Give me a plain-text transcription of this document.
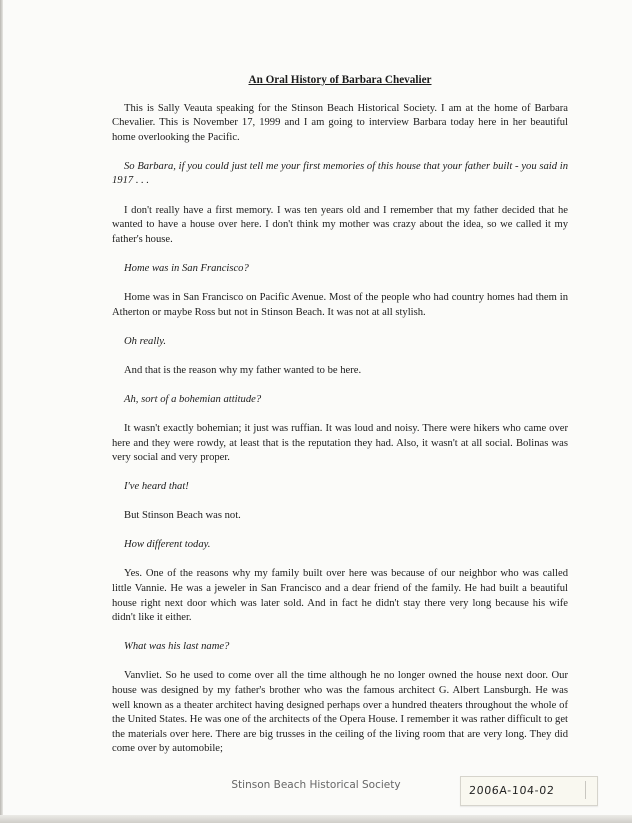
An Oral History of Barbara Chevalier

This is Sally Veauta speaking for the Stinson Beach Historical Society. I am at the home of Barbara Chevalier. This is November 17, 1999 and I am going to interview Barbara today here in her beautiful home overlooking the Pacific.

So Barbara, if you could just tell me your first memories of this house that your father built - you said in 1917 . . .

I don't really have a first memory. I was ten years old and I remember that my father decided that he wanted to have a house over here. I don't think my mother was crazy about the idea, so we called it my father's house.

Home was in San Francisco?

Home was in San Francisco on Pacific Avenue. Most of the people who had country homes had them in Atherton or maybe Ross but not in Stinson Beach. It was not at all stylish.

Oh really.

And that is the reason why my father wanted to be here.

Ah, sort of a bohemian attitude?

It wasn't exactly bohemian; it just was ruffian. It was loud and noisy. There were hikers who came over here and they were rowdy, at least that is the reputation they had. Also, it wasn't at all social. Bolinas was very social and very proper.

I've heard that!

But Stinson Beach was not.

How different today.

Yes. One of the reasons why my family built over here was because of our neighbor who was called little Vannie. He was a jeweler in San Francisco and a dear friend of the family. He had built a beautiful house right next door which was later sold. And in fact he didn't stay there very long because his wife didn't like it either.

What was his last name?

Vanvliet. So he used to come over all the time although he no longer owned the house next door. Our house was designed by my father's brother who was the famous architect G. Albert Lansburgh. He was well known as a theater architect having designed perhaps over a hundred theaters throughout the whole of the United States. He was one of the architects of the Opera House. I remember it was rather difficult to get the materials over here. There are big trusses in the ceiling of the living room that are very long. They did come over by automobile;

Stinson Beach Historical Society	2006A-104-02
